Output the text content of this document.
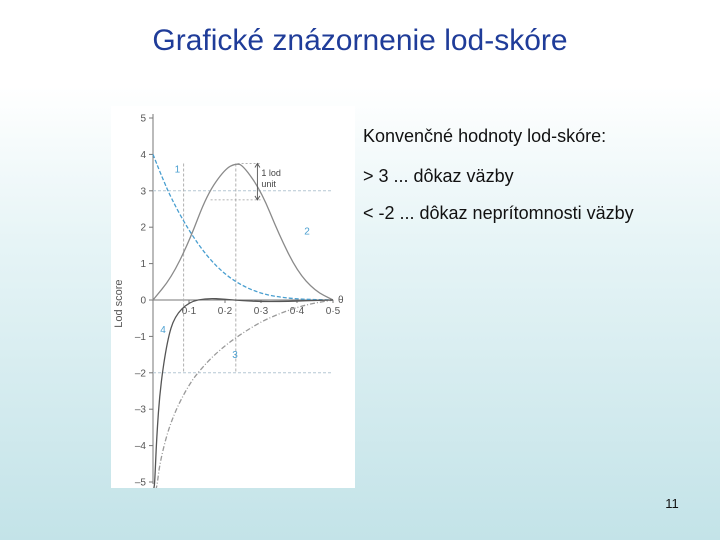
Grafické znázornenie lod-skóre
5
4
3
2
1
0
–1
–2
–3
–4
–5
0·1 0·2 0·3 0·4 0·5
θ
Lod score
1
2
3
4
1 lod
unit
Konvenčné hodnoty lod-skóre:
> 3 ... dôkaz väzby
< -2 ... dôkaz neprítomnosti väzby
11
